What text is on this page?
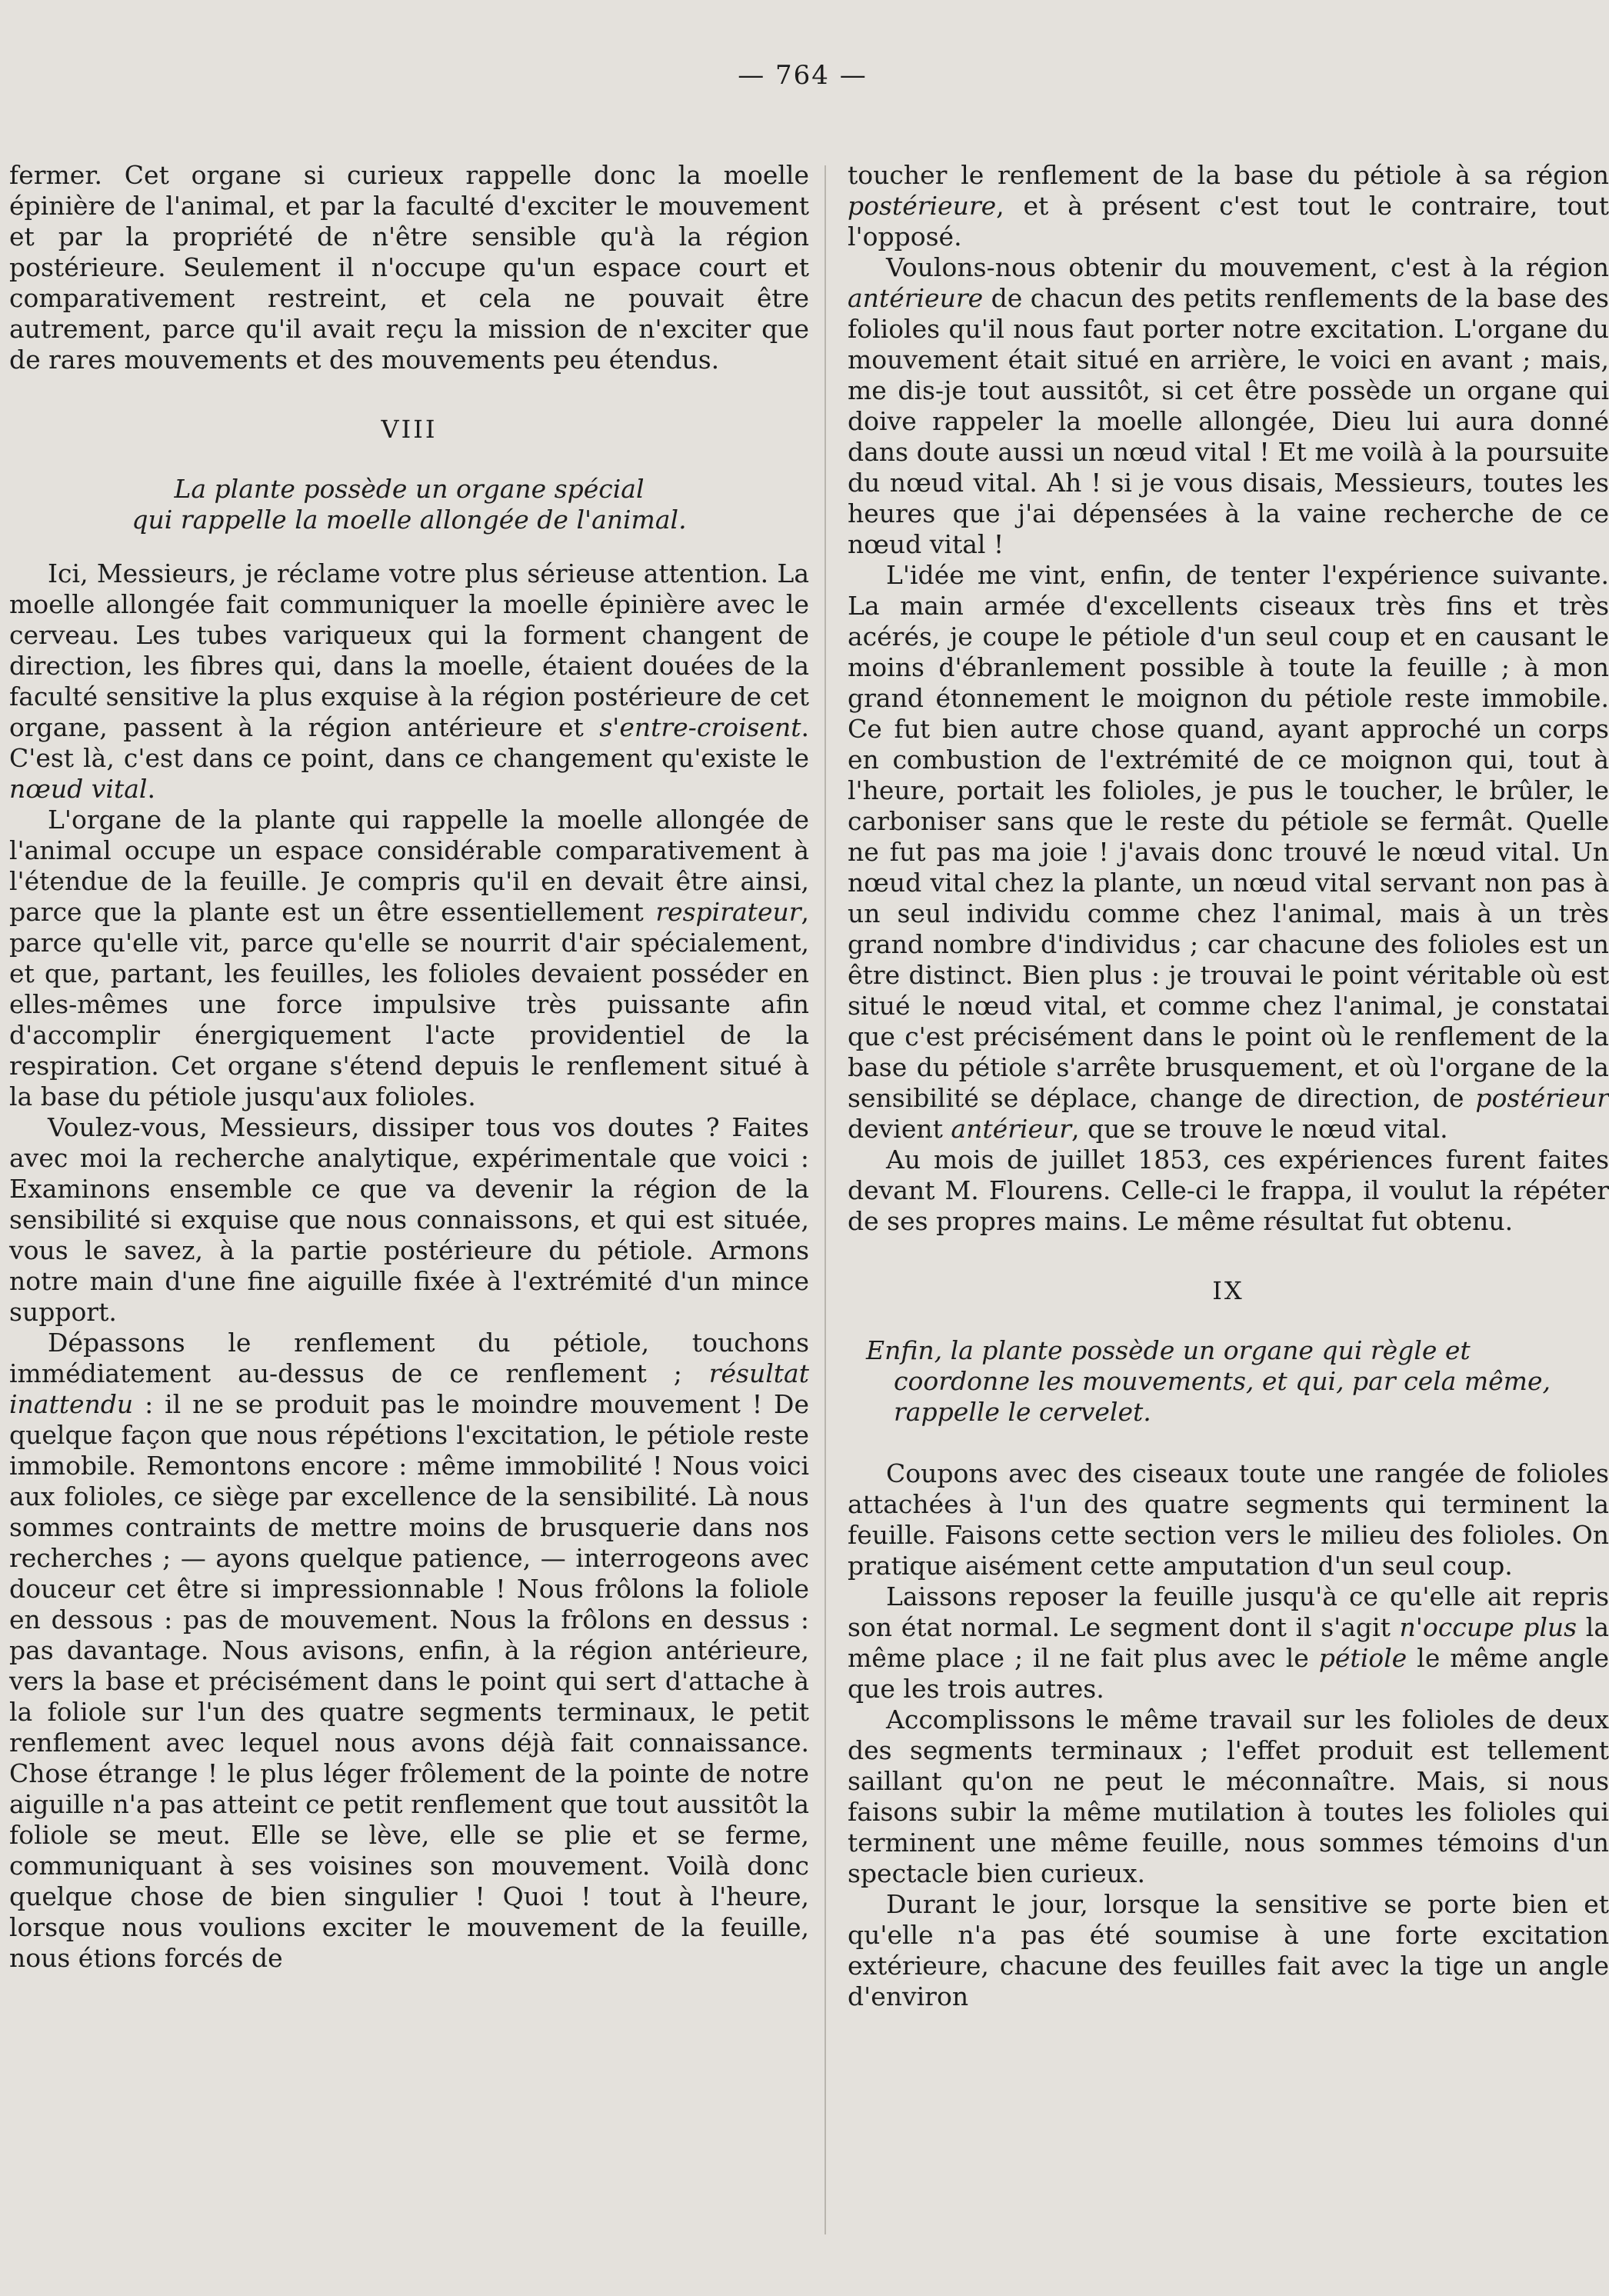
— 764 —

fermer. Cet organe si curieux rappelle donc la moelle épinière de l'animal, et par la faculté d'exciter le mouvement et par la propriété de n'être sensible qu'à la région postérieure. Seulement il n'occupe qu'un espace court et comparativement restreint, et cela ne pouvait être autrement, parce qu'il avait reçu la mission de n'exciter que de rares mouvements et des mouvements peu étendus.

VIII
La plante possède un organe spécial
qui rappelle la moelle allongée de l'animal.

Ici, Messieurs, je réclame votre plus sérieuse attention. La moelle allongée fait communiquer la moelle épinière avec le cerveau. Les tubes variqueux qui la forment changent de direction, les fibres qui, dans la moelle, étaient douées de la faculté sensitive la plus exquise à la région postérieure de cet organe, passent à la région antérieure et s'entre-croisent. C'est là, c'est dans ce point, dans ce changement qu'existe le nœud vital.

L'organe de la plante qui rappelle la moelle allongée de l'animal occupe un espace considérable comparativement à l'étendue de la feuille. Je compris qu'il en devait être ainsi, parce que la plante est un être essentiellement respirateur, parce qu'elle vit, parce qu'elle se nourrit d'air spécialement, et que, partant, les feuilles, les folioles devaient posséder en elles-mêmes une force impulsive très puissante afin d'accomplir énergiquement l'acte providentiel de la respiration. Cet organe s'étend depuis le renflement situé à la base du pétiole jusqu'aux folioles.

Voulez-vous, Messieurs, dissiper tous vos doutes ? Faites avec moi la recherche analytique, expérimentale que voici : Examinons ensemble ce que va devenir la région de la sensibilité si exquise que nous connaissons, et qui est située, vous le savez, à la partie postérieure du pétiole. Armons notre main d'une fine aiguille fixée à l'extrémité d'un mince support.

Dépassons le renflement du pétiole, touchons immédiatement au-dessus de ce renflement ; résultat inattendu : il ne se produit pas le moindre mouvement ! De quelque façon que nous répétions l'excitation, le pétiole reste immobile. Remontons encore : même immobilité ! Nous voici aux folioles, ce siège par excellence de la sensibilité. Là nous sommes contraints de mettre moins de brusquerie dans nos recherches ; — ayons quelque patience, — interrogeons avec douceur cet être si impressionnable ! Nous frôlons la foliole en dessous : pas de mouvement. Nous la frôlons en dessus : pas davantage. Nous avisons, enfin, à la région antérieure, vers la base et précisément dans le point qui sert d'attache à la foliole sur l'un des quatre segments terminaux, le petit renflement avec lequel nous avons déjà fait connaissance. Chose étrange ! le plus léger frôlement de la pointe de notre aiguille n'a pas atteint ce petit renflement que tout aussitôt la foliole se meut. Elle se lève, elle se plie et se ferme, communiquant à ses voisines son mouvement. Voilà donc quelque chose de bien singulier ! Quoi ! tout à l'heure, lorsque nous voulions exciter le mouvement de la feuille, nous étions forcés de

toucher le renflement de la base du pétiole à sa région postérieure, et à présent c'est tout le contraire, tout l'opposé.

Voulons-nous obtenir du mouvement, c'est à la région antérieure de chacun des petits renflements de la base des folioles qu'il nous faut porter notre excitation. L'organe du mouvement était situé en arrière, le voici en avant ; mais, me dis-je tout aussitôt, si cet être possède un organe qui doive rappeler la moelle allongée, Dieu lui aura donné dans doute aussi un nœud vital ! Et me voilà à la poursuite du nœud vital. Ah ! si je vous disais, Messieurs, toutes les heures que j'ai dépensées à la vaine recherche de ce nœud vital !

L'idée me vint, enfin, de tenter l'expérience suivante. La main armée d'excellents ciseaux très fins et très acérés, je coupe le pétiole d'un seul coup et en causant le moins d'ébranlement possible à toute la feuille ; à mon grand étonnement le moignon du pétiole reste immobile. Ce fut bien autre chose quand, ayant approché un corps en combustion de l'extrémité de ce moignon qui, tout à l'heure, portait les folioles, je pus le toucher, le brûler, le carboniser sans que le reste du pétiole se fermât. Quelle ne fut pas ma joie ! j'avais donc trouvé le nœud vital. Un nœud vital chez la plante, un nœud vital servant non pas à un seul individu comme chez l'animal, mais à un très grand nombre d'individus ; car chacune des folioles est un être distinct. Bien plus : je trouvai le point véritable où est situé le nœud vital, et comme chez l'animal, je constatai que c'est précisément dans le point où le renflement de la base du pétiole s'arrête brusquement, et où l'organe de la sensibilité se déplace, change de direction, de postérieur devient antérieur, que se trouve le nœud vital.

Au mois de juillet 1853, ces expériences furent faites devant M. Flourens. Celle-ci le frappa, il voulut la répéter de ses propres mains. Le même résultat fut obtenu.

IX
Enfin, la plante possède un organe qui règle et coordonne les mouvements, et qui, par cela même, rappelle le cervelet.

Coupons avec des ciseaux toute une rangée de folioles attachées à l'un des quatre segments qui terminent la feuille. Faisons cette section vers le milieu des folioles. On pratique aisément cette amputation d'un seul coup.

Laissons reposer la feuille jusqu'à ce qu'elle ait repris son état normal. Le segment dont il s'agit n'occupe plus la même place ; il ne fait plus avec le pétiole le même angle que les trois autres.

Accomplissons le même travail sur les folioles de deux des segments terminaux ; l'effet produit est tellement saillant qu'on ne peut le méconnaître. Mais, si nous faisons subir la même mutilation à toutes les folioles qui terminent une même feuille, nous sommes témoins d'un spectacle bien curieux.

Durant le jour, lorsque la sensitive se porte bien et qu'elle n'a pas été soumise à une forte excitation extérieure, chacune des feuilles fait avec la tige un angle d'environ
